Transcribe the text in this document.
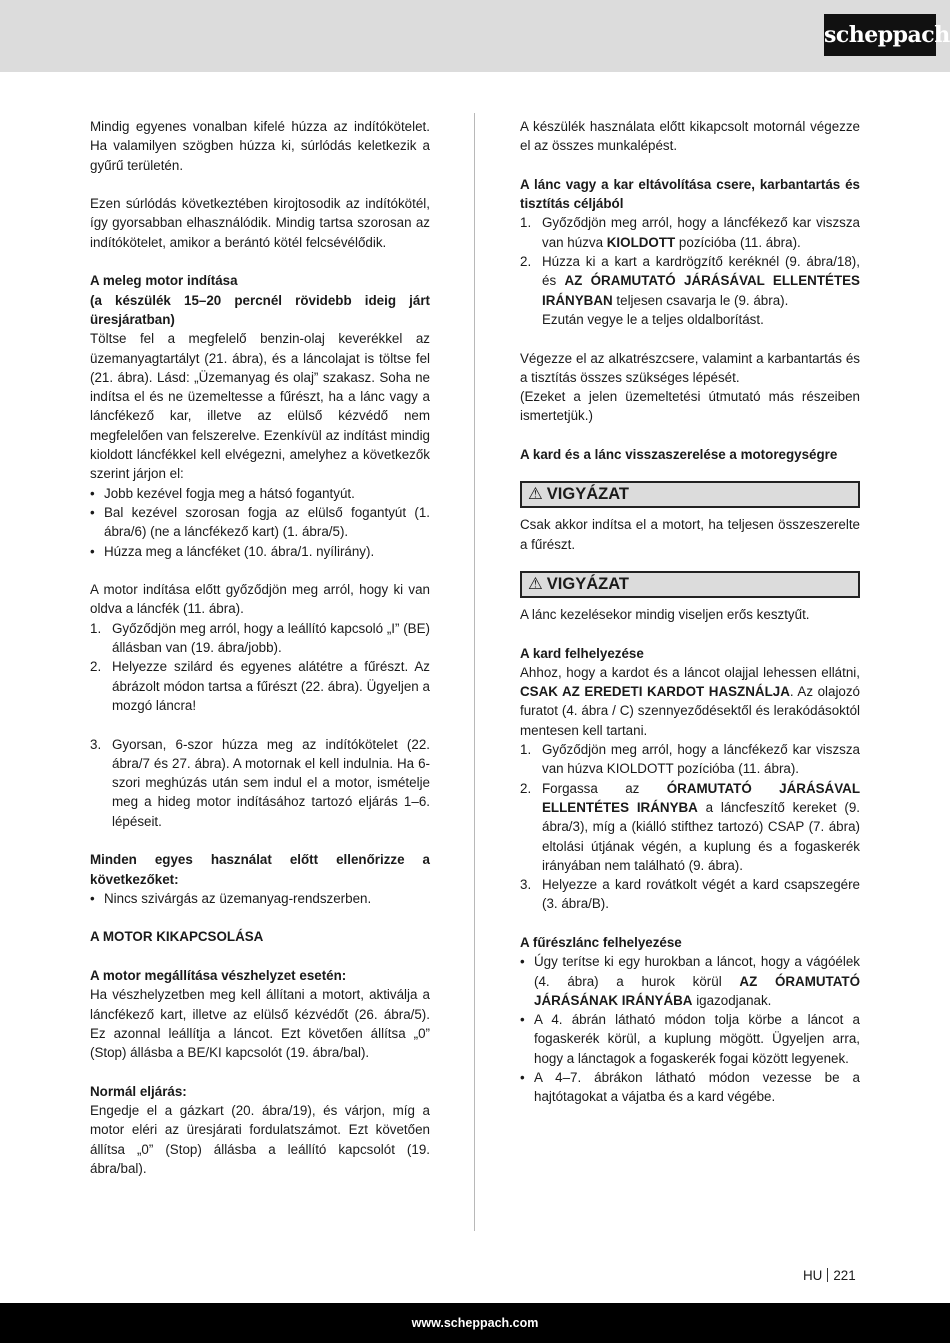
scheppach

Mindig egyenes vonalban kifelé húzza az indítókötelet. Ha valamilyen szögben húzza ki, súrlódás keletkezik a gyűrű területén.

Ezen súrlódás következtében kirojtosodik az indítókötél, így gyorsabban elhasználódik. Mindig tartsa szorosan az indítókötelet, amikor a berántó kötél felcsévélődik.

A meleg motor indítása

(a készülék 15–20 percnél rövidebb ideig járt üresjáratban)

Töltse fel a megfelelő benzin-olaj keverékkel az üzemanyagtartályt (21. ábra), és a láncolajat is töltse fel (21. ábra). Lásd: „Üzemanyag és olaj” szakasz. Soha ne indítsa el és ne üzemeltesse a fűrészt, ha a lánc vagy a láncfékező kar, illetve az elülső kézvédő nem megfelelően van felszerelve. Ezenkívül az indítást mindig kioldott láncfékkel kell elvégezni, amelyhez a következők szerint járjon el:

• Jobb kezével fogja meg a hátsó fogantyút.
• Bal kezével szorosan fogja az elülső fogantyút (1. ábra/6) (ne a láncfékező kart) (1. ábra/5).
• Húzza meg a láncféket (10. ábra/1. nyílirány).

A motor indítása előtt győződjön meg arról, hogy ki van oldva a láncfék (11. ábra).

1. Győződjön meg arról, hogy a leállító kapcsoló „I” (BE) állásban van (19. ábra/jobb).
2. Helyezze szilárd és egyenes alátétre a fűrészt. Az ábrázolt módon tartsa a fűrészt (22. ábra). Ügyeljen a mozgó láncra!
3. Gyorsan, 6-szor húzza meg az indítókötelet (22. ábra/7 és 27. ábra). A motornak el kell indulnia. Ha 6-szori meghúzás után sem indul el a motor, ismételje meg a hideg motor indításához tartozó eljárás 1–6. lépéseit.

Minden egyes használat előtt ellenőrizze a következőket:

• Nincs szivárgás az üzemanyag-rendszerben.

A MOTOR KIKAPCSOLÁSA

A motor megállítása vészhelyzet esetén:

Ha vészhelyzetben meg kell állítani a motort, aktiválja a láncfékező kart, illetve az elülső kézvédőt (26. ábra/5). Ez azonnal leállítja a láncot. Ezt követően állítsa „0” (Stop) állásba a BE/KI kapcsolót (19. ábra/bal).

Normál eljárás:

Engedje el a gázkart (20. ábra/19), és várjon, míg a motor eléri az üresjárati fordulatszámot. Ezt követően állítsa „0” (Stop) állásba a leállító kapcsolót (19. ábra/bal).

A készülék használata előtt kikapcsolt motornál végezze el az összes munkalépést.

A lánc vagy a kar eltávolítása csere, karbantartás és tisztítás céljából

1. Győződjön meg arról, hogy a láncfékező kar viszsza van húzva KIOLDOTT pozícióba (11. ábra).
2. Húzza ki a kart a kardrögzítő keréknél (9. ábra/18), és AZ ÓRAMUTATÓ JÁRÁSÁVAL ELLENTÉTES IRÁNYBAN teljesen csavarja le (9. ábra).
Ezután vegye le a teljes oldalborítást.

Végezze el az alkatrészcsere, valamint a karbantartás és a tisztítás összes szükséges lépését.

(Ezeket a jelen üzemeltetési útmutató más részeiben ismertetjük.)

A kard és a lánc visszaszerelése a motoregységre

⚠ VIGYÁZAT

Csak akkor indítsa el a motort, ha teljesen összeszerelte a fűrészt.

⚠ VIGYÁZAT

A lánc kezelésekor mindig viseljen erős kesztyűt.

A kard felhelyezése

Ahhoz, hogy a kardot és a láncot olajjal lehessen ellátni, CSAK AZ EREDETI KARDOT HASZNÁLJA. Az olajozó furatot (4. ábra / C) szennyeződésektől és lerakódásoktól mentesen kell tartani.

1. Győződjön meg arról, hogy a láncfékező kar viszsza van húzva KIOLDOTT pozícióba (11. ábra).
2. Forgassa az ÓRAMUTATÓ JÁRÁSÁVAL ELLENTÉTES IRÁNYBA a láncfeszítő kereket (9. ábra/3), míg a (kiálló stifthez tartozó) CSAP (7. ábra) eltolási útjának végén, a kuplung és a fogaskerék irányában nem található (9. ábra).
3. Helyezze a kard rovátkolt végét a kard csapszegére (3. ábra/B).

A fűrészlánc felhelyezése

• Úgy terítse ki egy hurokban a láncot, hogy a vágóélek (4. ábra) a hurok körül AZ ÓRAMUTATÓ JÁRÁSÁNAK IRÁNYÁBA igazodjanak.
• A 4. ábrán látható módon tolja körbe a láncot a fogaskerék körül, a kuplung mögött. Ügyeljen arra, hogy a lánctagok a fogaskerék fogai között legyenek.
• A 4–7. ábrákon látható módon vezesse be a hajtótagokat a vájatba és a kard végébe.
HU 221
www.scheppach.com
